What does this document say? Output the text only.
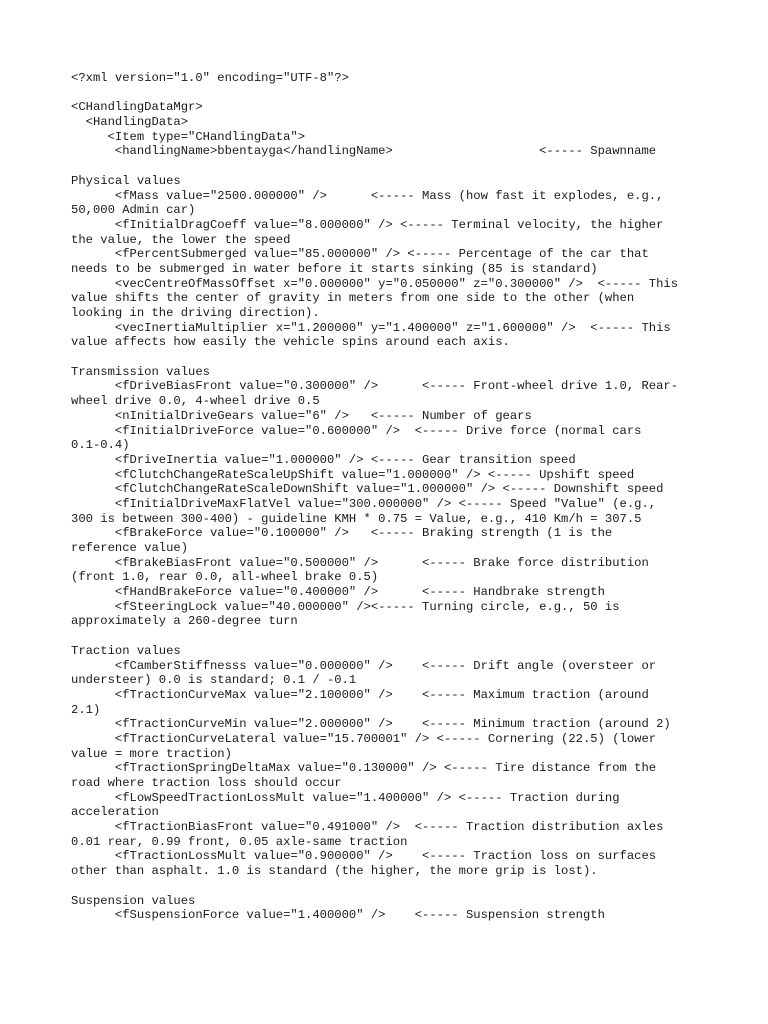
<?xml version="1.0" encoding="UTF-8"?>
<CHandlingDataMgr>
<HandlingData>
<Item type="CHandlingData">
<handlingName>bbentayga</handlingName>                    <----- Spawnname
Physical values
<fMass value="2500.000000" />      <----- Mass (how fast it explodes, e.g.,
50,000 Admin car)
<fInitialDragCoeff value="8.000000" /> <----- Terminal velocity, the higher
the value, the lower the speed
<fPercentSubmerged value="85.000000" /> <----- Percentage of the car that
needs to be submerged in water before it starts sinking (85 is standard)
<vecCentreOfMassOffset x="0.000000" y="0.050000" z="0.300000" />  <----- This
value shifts the center of gravity in meters from one side to the other (when
looking in the driving direction).
<vecInertiaMultiplier x="1.200000" y="1.400000" z="1.600000" />  <----- This
value affects how easily the vehicle spins around each axis.
Transmission values
<fDriveBiasFront value="0.300000" />      <----- Front-wheel drive 1.0, Rear-
wheel drive 0.0, 4-wheel drive 0.5
<nInitialDriveGears value="6" />   <----- Number of gears
<fInitialDriveForce value="0.600000" />  <----- Drive force (normal cars
0.1-0.4)
<fDriveInertia value="1.000000" /> <----- Gear transition speed
<fClutchChangeRateScaleUpShift value="1.000000" /> <----- Upshift speed
<fClutchChangeRateScaleDownShift value="1.000000" /> <----- Downshift speed
<fInitialDriveMaxFlatVel value="300.000000" /> <----- Speed "Value" (e.g.,
300 is between 300-400) - guideline KMH * 0.75 = Value, e.g., 410 Km/h = 307.5
<fBrakeForce value="0.100000" />   <----- Braking strength (1 is the
reference value)
<fBrakeBiasFront value="0.500000" />      <----- Brake force distribution
(front 1.0, rear 0.0, all-wheel brake 0.5)
<fHandBrakeForce value="0.400000" />      <----- Handbrake strength
<fSteeringLock value="40.000000" /><----- Turning circle, e.g., 50 is
approximately a 260-degree turn
Traction values
<fCamberStiffnesss value="0.000000" />    <----- Drift angle (oversteer or
understeer) 0.0 is standard; 0.1 / -0.1
<fTractionCurveMax value="2.100000" />    <----- Maximum traction (around
2.1)
<fTractionCurveMin value="2.000000" />    <----- Minimum traction (around 2)
<fTractionCurveLateral value="15.700001" /> <----- Cornering (22.5) (lower
value = more traction)
<fTractionSpringDeltaMax value="0.130000" /> <----- Tire distance from the
road where traction loss should occur
<fLowSpeedTractionLossMult value="1.400000" /> <----- Traction during
acceleration
<fTractionBiasFront value="0.491000" />  <----- Traction distribution axles
0.01 rear, 0.99 front, 0.05 axle-same traction
<fTractionLossMult value="0.900000" />    <----- Traction loss on surfaces
other than asphalt. 1.0 is standard (the higher, the more grip is lost).
Suspension values
<fSuspensionForce value="1.400000" />    <----- Suspension strength
